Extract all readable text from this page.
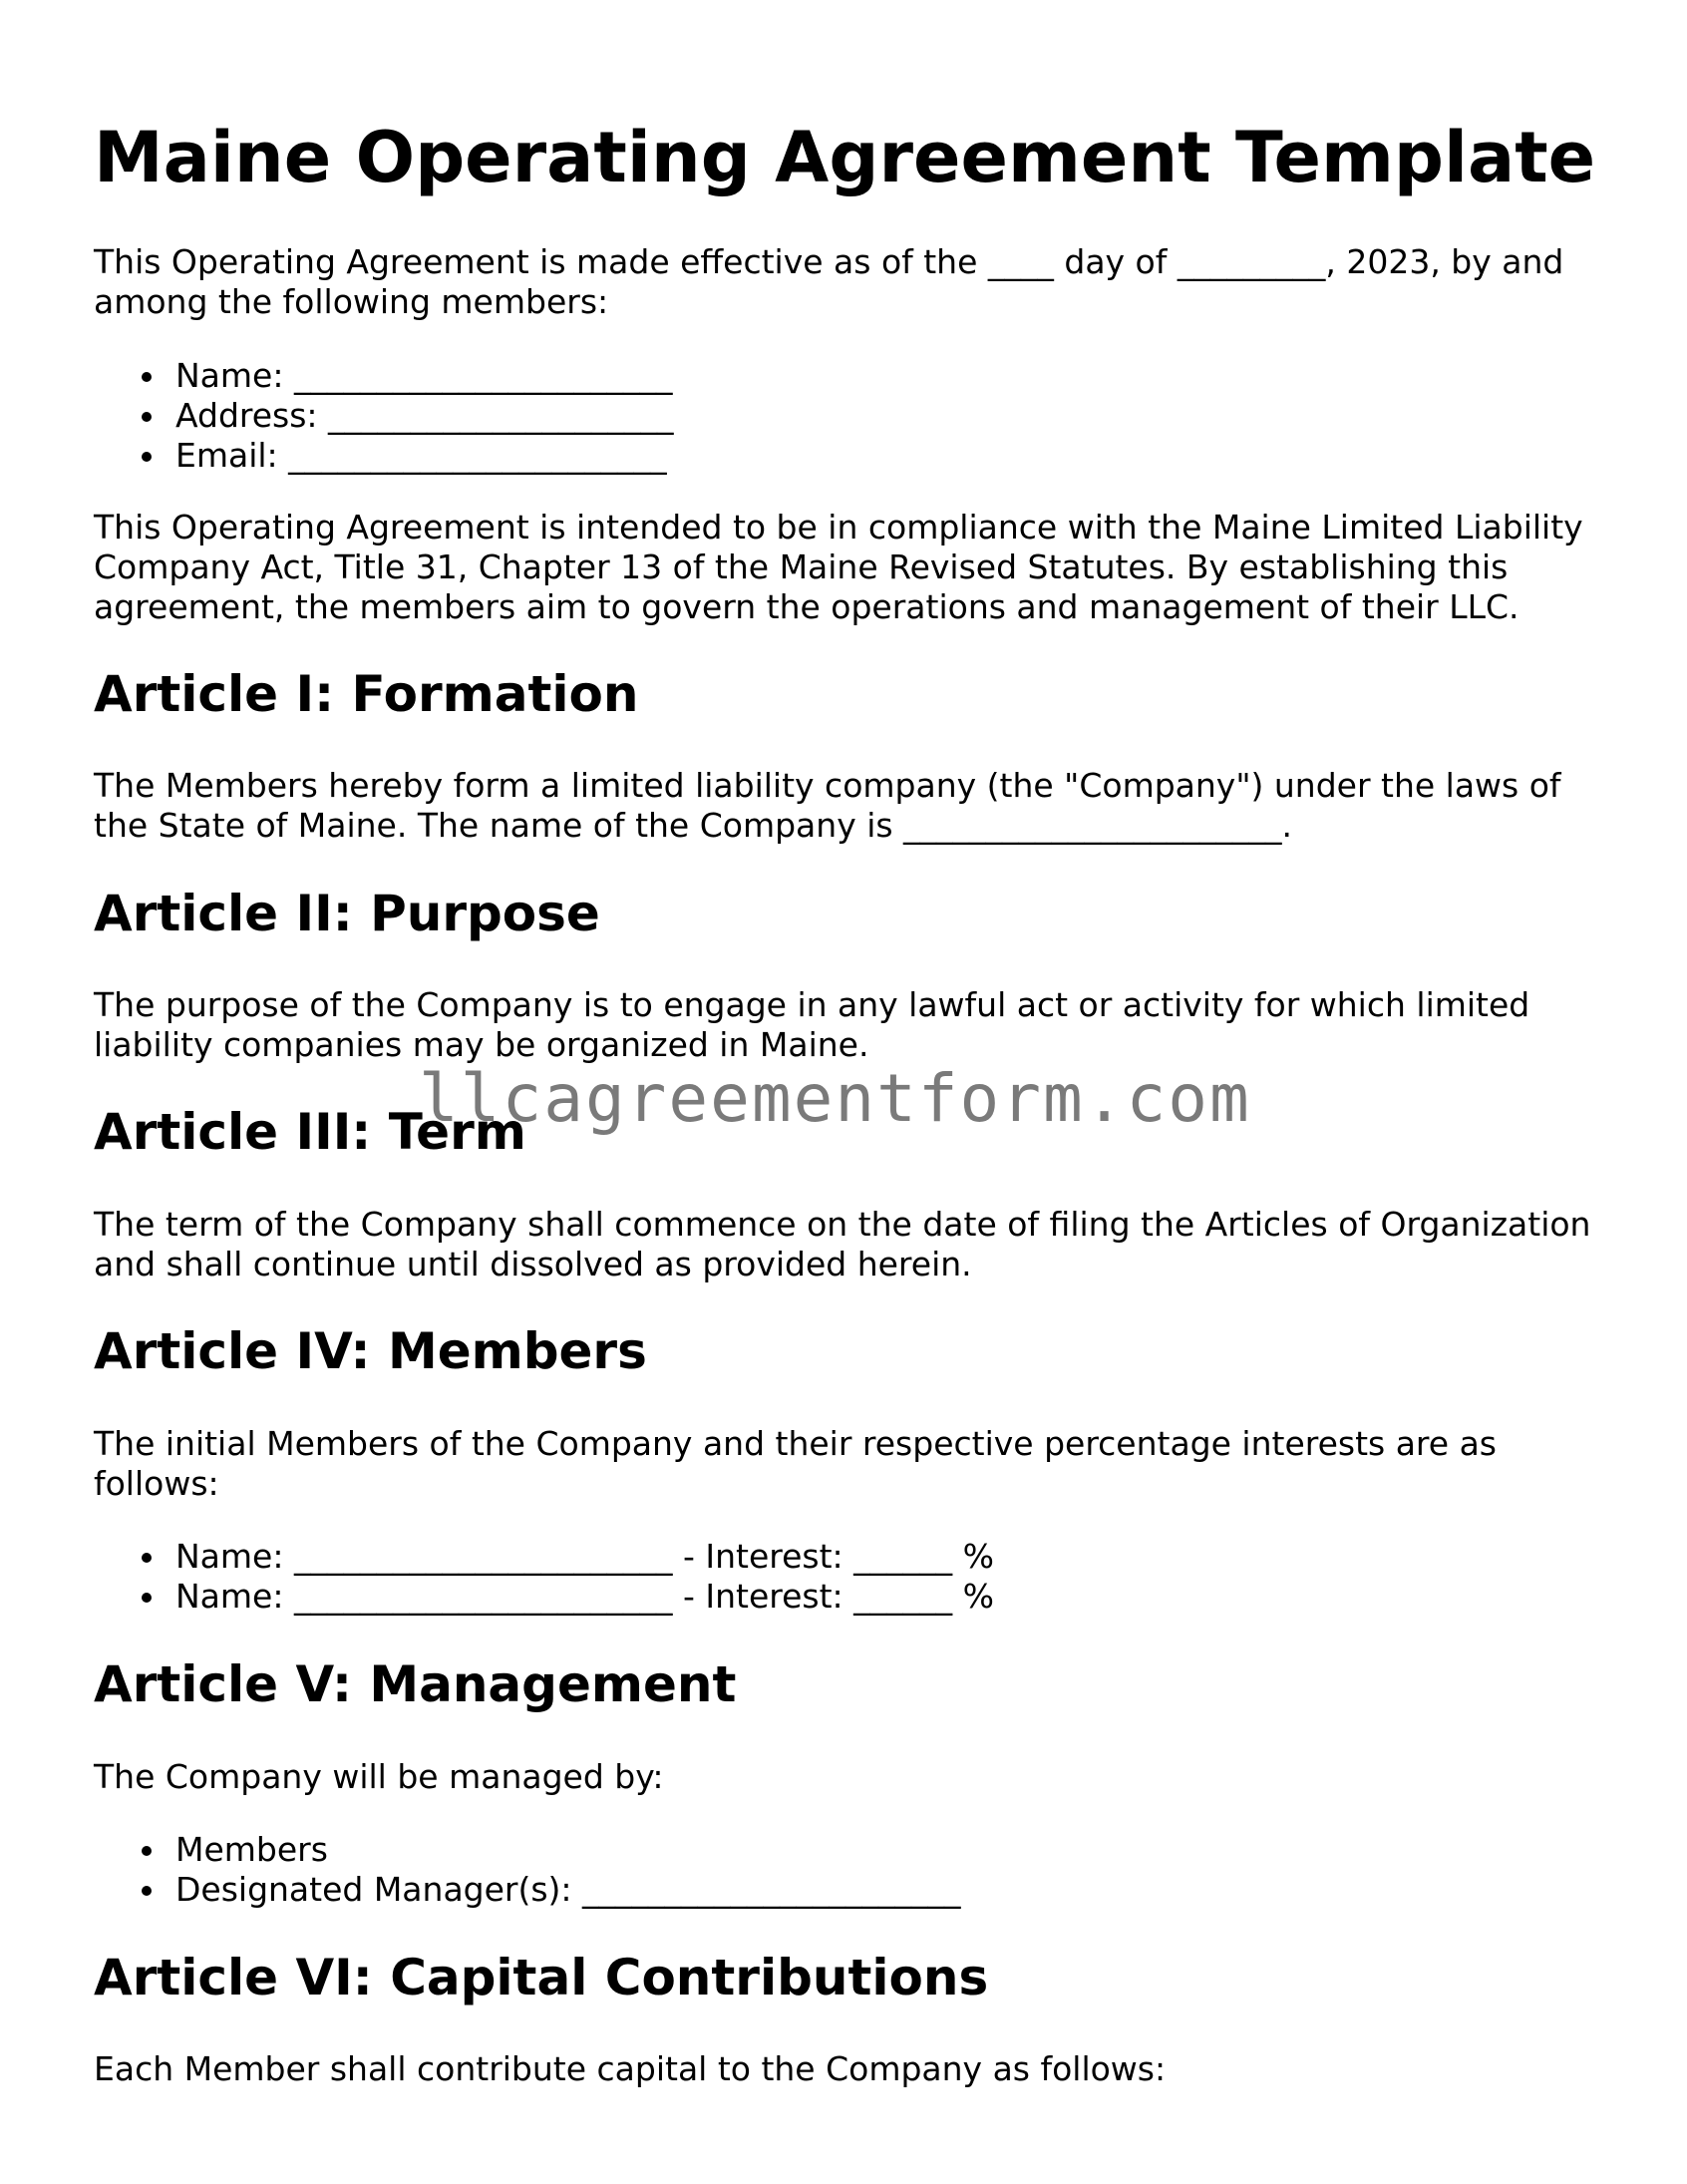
Maine Operating Agreement Template

This Operating Agreement is made effective as of the ____ day of _________, 2023, by and among the following members:

Name: _______________________
Address: _____________________
Email: _______________________

This Operating Agreement is intended to be in compliance with the Maine Limited Liability Company Act, Title 31, Chapter 13 of the Maine Revised Statutes. By establishing this agreement, the members aim to govern the operations and management of their LLC.

Article I: Formation

The Members hereby form a limited liability company (the "Company") under the laws of the State of Maine. The name of the Company is _______________________.

Article II: Purpose

The purpose of the Company is to engage in any lawful act or activity for which limited liability companies may be organized in Maine.

Article III: Term

The term of the Company shall commence on the date of filing the Articles of Organization and shall continue until dissolved as provided herein.

Article IV: Members

The initial Members of the Company and their respective percentage interests are as follows:

Name: _______________________ - Interest: ______ %
Name: _______________________ - Interest: ______ %
Article V: Management

The Company will be managed by:

Members
Designated Manager(s): _______________________
Article VI: Capital Contributions

Each Member shall contribute capital to the Company as follows:

llcagreementform.com
